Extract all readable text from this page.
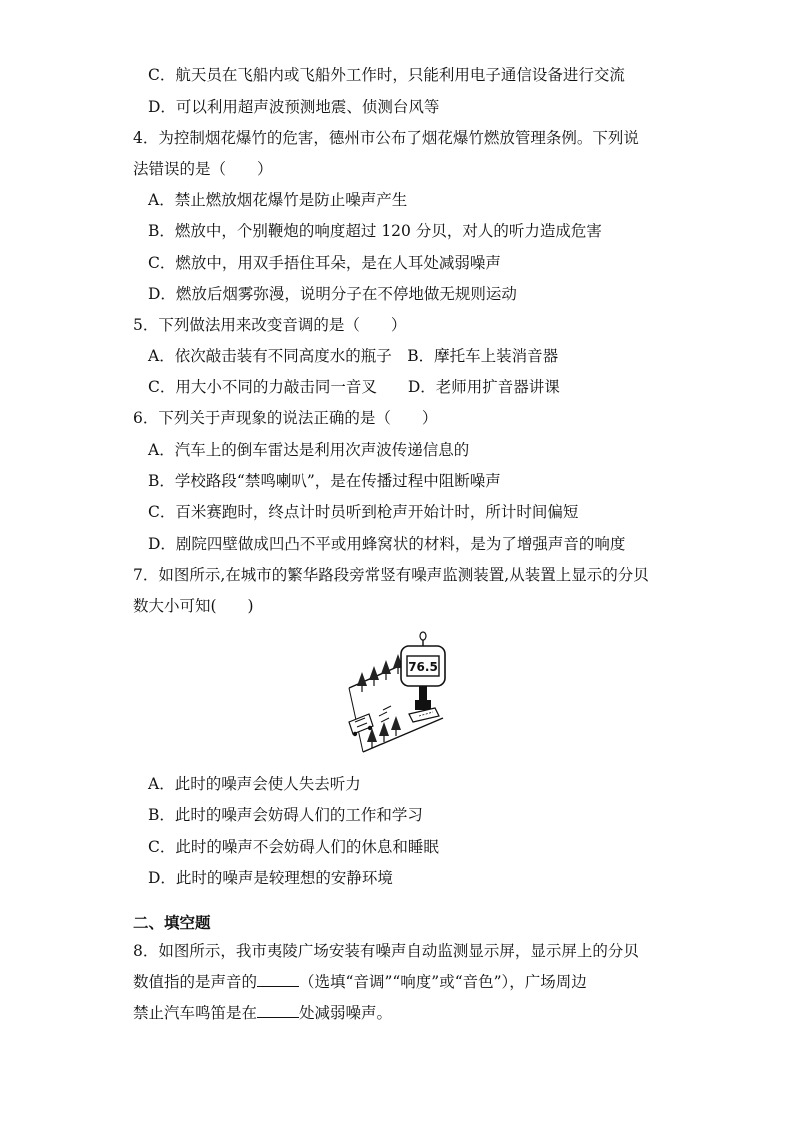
C．航天员在飞船内或飞船外工作时，只能利用电子通信设备进行交流
D．可以利用超声波预测地震、侦测台风等
4．为控制烟花爆竹的危害，德州市公布了烟花爆竹燃放管理条例。下列说
法错误的是（　　）
A．禁止燃放烟花爆竹是防止噪声产生
B．燃放中，个别鞭炮的响度超过 120 分贝，对人的听力造成危害
C．燃放中，用双手捂住耳朵，是在人耳处减弱噪声
D．燃放后烟雾弥漫，说明分子在不停地做无规则运动
5．下列做法用来改变音调的是（　　）
A．依次敲击装有不同高度水的瓶子　B．摩托车上装消音器
C．用大小不同的力敲击同一音叉　　D．老师用扩音器讲课
6．下列关于声现象的说法正确的是（　　）
A．汽车上的倒车雷达是利用次声波传递信息的
B．学校路段“禁鸣喇叭”，是在传播过程中阻断噪声
C．百米赛跑时，终点计时员听到枪声开始计时，所计时间偏短
D．剧院四壁做成凹凸不平或用蜂窝状的材料，是为了增强声音的响度
7．如图所示,在城市的繁华路段旁常竖有噪声监测装置,从装置上显示的分贝
数大小可知(　　)
76.5
A．此时的噪声会使人失去听力
B．此时的噪声会妨碍人们的工作和学习
C．此时的噪声不会妨碍人们的休息和睡眠
D．此时的噪声是较理想的安静环境
二、填空题
8．如图所示，我市夷陵广场安装有噪声自动监测显示屏，显示屏上的分贝
数值指的是声音的	（选填“音调”“响度”或“音色”），广场周边
禁止汽车鸣笛是在	处减弱噪声。
